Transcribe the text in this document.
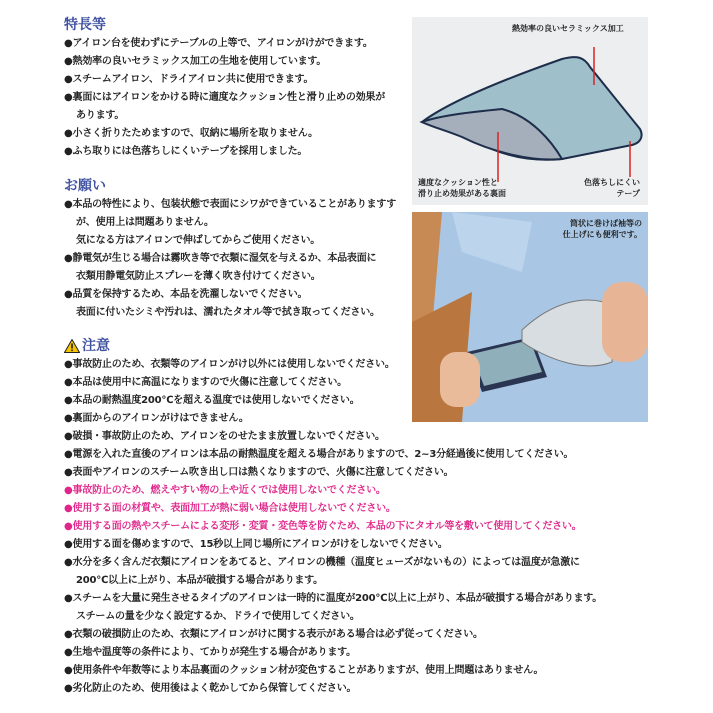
特長等
●アイロン台を使わずにテーブルの上等で、アイロンがけができます。
●熱効率の良いセラミックス加工の生地を使用しています。
●スチームアイロン、ドライアイロン共に使用できます。
●裏面にはアイロンをかける時に適度なクッション性と滑り止めの効果が
あります。
●小さく折りたためますので、収納に場所を取りません。
●ふち取りには色落ちしにくいテープを採用しました。
お願い
●本品の特性により、包装状態で表面にシワができていることがありますす
が、使用上は問題ありません。
気になる方はアイロンで伸ばしてからご使用ください。
●静電気が生じる場合は霧吹き等で衣類に湿気を与えるか、本品表面に
衣類用静電気防止スプレーを薄く吹き付けてください。
●品質を保持するため、本品を洗濯しないでください。
表面に付いたシミや汚れは、濡れたタオル等で拭き取ってください。
注意
●事故防止のため、衣類等のアイロンがけ以外には使用しないでください。
●本品は使用中に高温になりますので火傷に注意してください。
●本品の耐熱温度200℃を超える温度では使用しないでください。
●裏面からのアイロンがけはできません。
●破損・事故防止のため、アイロンをのせたまま放置しないでください。
●電源を入れた直後のアイロンは本品の耐熱温度を超える場合がありますので、2~3分経過後に使用してください。
●表面やアイロンのスチーム吹き出し口は熱くなりますので、火傷に注意してください。
●事故防止のため、燃えやすい物の上や近くでは使用しないでください。
●使用する面の材質や、表面加工が熱に弱い場合は使用しないでください。
●使用する面の熱やスチームによる変形・変質・変色等を防ぐため、本品の下にタオル等を敷いて使用してください。
●使用する面を傷めますので、15秒以上同じ場所にアイロンがけをしないでください。
●水分を多く含んだ衣類にアイロンをあてると、アイロンの機種（温度ヒューズがないもの）によっては温度が急激に
200℃以上に上がり、本品が破損する場合があります。
●スチームを大量に発生させるタイプのアイロンは一時的に温度が200℃以上に上がり、本品が破損する場合があります。
スチームの量を少なく設定するか、ドライで使用してください。
●衣類の破損防止のため、衣類にアイロンがけに関する表示がある場合は必ず従ってください。
●生地や温度等の条件により、てかりが発生する場合があります。
●使用条件や年数等により本品裏面のクッション材が変色することがありますが、使用上問題はありません。
●劣化防止のため、使用後はよく乾かしてから保管してください。
熱効率の良いセラミックス加工
適度なクッション性と
滑り止め効果がある裏面
色落ちしにくい
テープ
筒状に巻けば袖等の
仕上げにも便利です。
